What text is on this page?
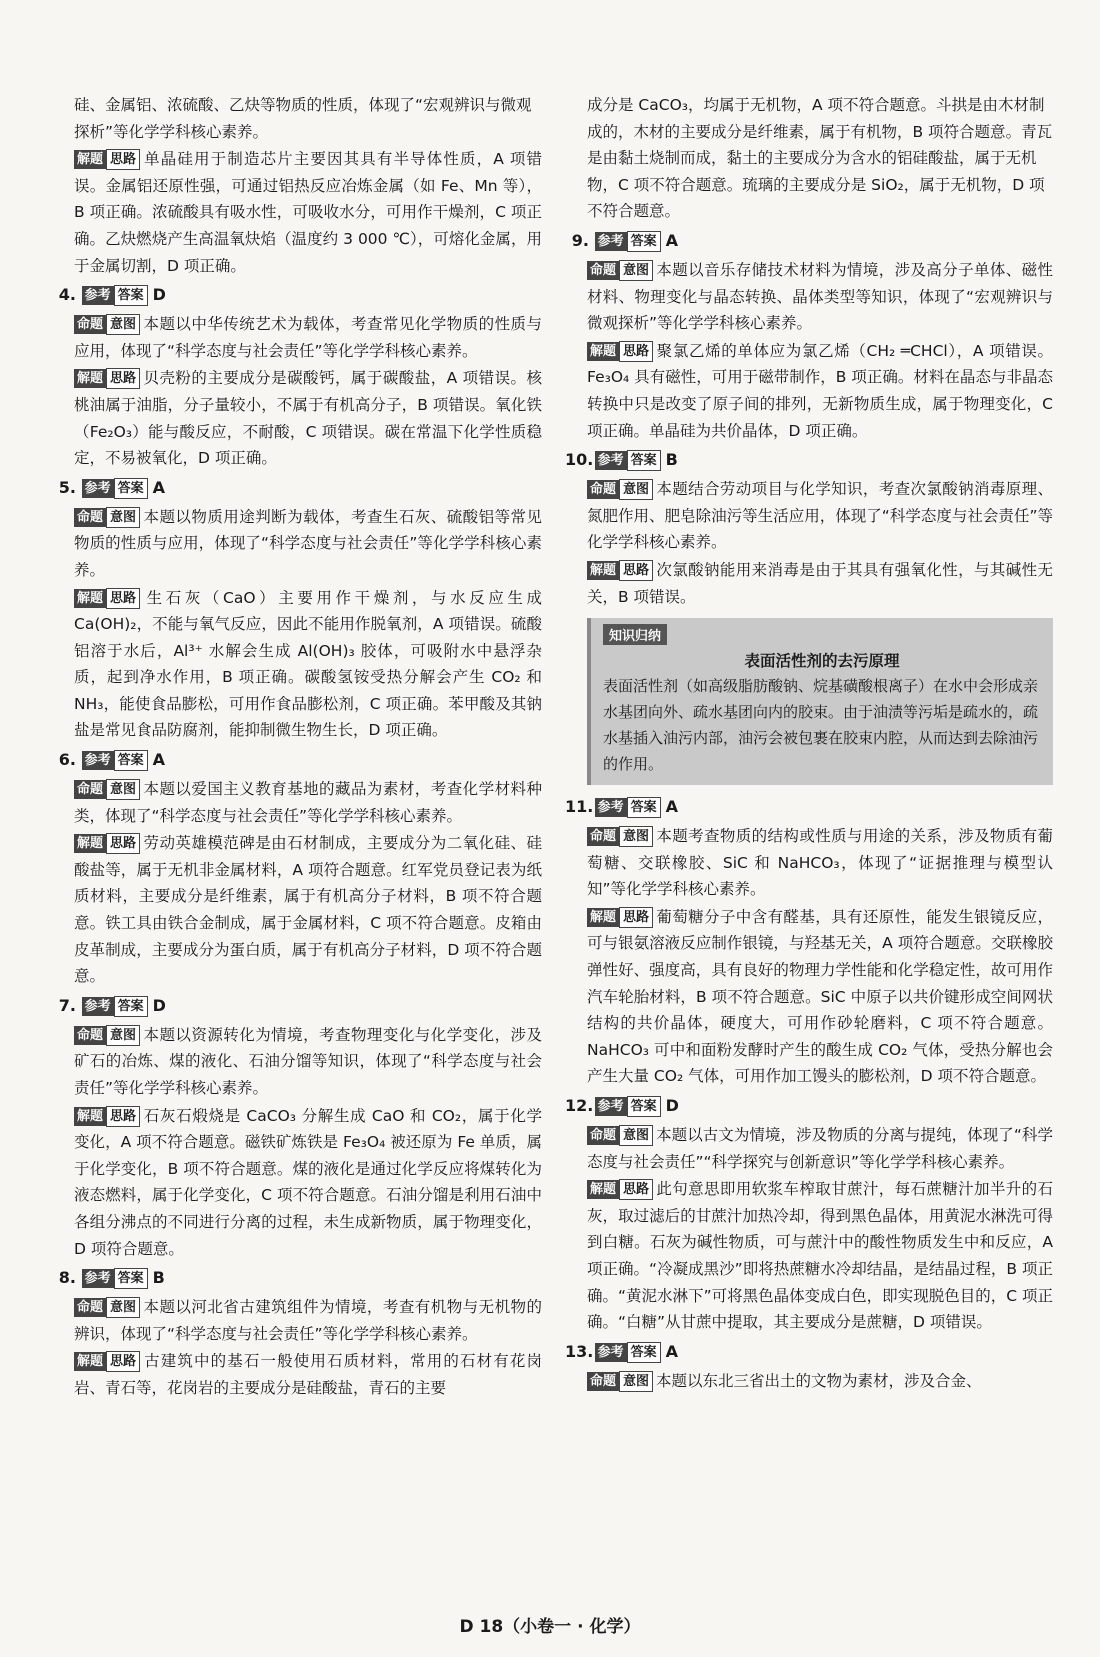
硅、金属铝、浓硫酸、乙炔等物质的性质，体现了“宏观辨识与微观探析”等化学学科核心素养。
解题 思路 单晶硅用于制造芯片主要因其具有半导体性质，A 项错误。金属铝还原性强，可通过铝热反应冶炼金属（如 Fe、Mn 等），B 项正确。浓硫酸具有吸水性，可吸收水分，可用作干燥剂，C 项正确。乙炔燃烧产生高温氧炔焰（温度约 3 000 ℃），可熔化金属，用于金属切割，D 项正确。
4. 参考 答案 D
命题 意图 本题以中华传统艺术为载体，考查常见化学物质的性质与应用，体现了“科学态度与社会责任”等化学学科核心素养。
解题 思路 贝壳粉的主要成分是碳酸钙，属于碳酸盐，A 项错误。核桃油属于油脂，分子量较小，不属于有机高分子，B 项错误。氧化铁（Fe₂O₃）能与酸反应，不耐酸，C 项错误。碳在常温下化学性质稳定，不易被氧化，D 项正确。
5. 参考 答案 A
命题 意图 本题以物质用途判断为载体，考查生石灰、硫酸铝等常见物质的性质与应用，体现了“科学态度与社会责任”等化学学科核心素养。
解题 思路 生石灰（CaO）主要用作干燥剂，与水反应生成 Ca(OH)₂，不能与氧气反应，因此不能用作脱氧剂，A 项错误。硫酸铝溶于水后，Al³⁺ 水解会生成 Al(OH)₃ 胶体，可吸附水中悬浮杂质，起到净水作用，B 项正确。碳酸氢铵受热分解会产生 CO₂ 和 NH₃，能使食品膨松，可用作食品膨松剂，C 项正确。苯甲酸及其钠盐是常见食品防腐剂，能抑制微生物生长，D 项正确。
6. 参考 答案 A
命题 意图 本题以爱国主义教育基地的藏品为素材，考查化学材料种类，体现了“科学态度与社会责任”等化学学科核心素养。
解题 思路 劳动英雄模范碑是由石材制成，主要成分为二氧化硅、硅酸盐等，属于无机非金属材料，A 项符合题意。红军党员登记表为纸质材料，主要成分是纤维素，属于有机高分子材料，B 项不符合题意。铁工具由铁合金制成，属于金属材料，C 项不符合题意。皮箱由皮革制成，主要成分为蛋白质，属于有机高分子材料，D 项不符合题意。
7. 参考 答案 D
命题 意图 本题以资源转化为情境，考查物理变化与化学变化，涉及矿石的冶炼、煤的液化、石油分馏等知识，体现了“科学态度与社会责任”等化学学科核心素养。
解题 思路 石灰石煅烧是 CaCO₃ 分解生成 CaO 和 CO₂，属于化学变化，A 项不符合题意。磁铁矿炼铁是 Fe₃O₄ 被还原为 Fe 单质，属于化学变化，B 项不符合题意。煤的液化是通过化学反应将煤转化为液态燃料，属于化学变化，C 项不符合题意。石油分馏是利用石油中各组分沸点的不同进行分离的过程，未生成新物质，属于物理变化，D 项符合题意。
8. 参考 答案 B
命题 意图 本题以河北省古建筑组件为情境，考查有机物与无机物的辨识，体现了“科学态度与社会责任”等化学学科核心素养。
解题 思路 古建筑中的基石一般使用石质材料，常用的石材有花岗岩、青石等，花岗岩的主要成分是硅酸盐，青石的主要
成分是 CaCO₃，均属于无机物，A 项不符合题意。斗拱是由木材制成的，木材的主要成分是纤维素，属于有机物，B 项符合题意。青瓦是由黏土烧制而成，黏土的主要成分为含水的铝硅酸盐，属于无机物，C 项不符合题意。琉璃的主要成分是 SiO₂，属于无机物，D 项不符合题意。
9. 参考 答案 A
命题 意图 本题以音乐存储技术材料为情境，涉及高分子单体、磁性材料、物理变化与晶态转换、晶体类型等知识，体现了“宏观辨识与微观探析”等化学学科核心素养。
解题 思路 聚氯乙烯的单体应为氯乙烯（CH₂ ═CHCl），A 项错误。Fe₃O₄ 具有磁性，可用于磁带制作，B 项正确。材料在晶态与非晶态转换中只是改变了原子间的排列，无新物质生成，属于物理变化，C 项正确。单晶硅为共价晶体，D 项正确。
10. 参考 答案 B
命题 意图 本题结合劳动项目与化学知识，考查次氯酸钠消毒原理、氮肥作用、肥皂除油污等生活应用，体现了“科学态度与社会责任”等化学学科核心素养。
解题 思路 次氯酸钠能用来消毒是由于其具有强氧化性，与其碱性无关，B 项错误。
知识归纳
表面活性剂的去污原理
表面活性剂（如高级脂肪酸钠、烷基磺酸根离子）在水中会形成亲水基团向外、疏水基团向内的胶束。由于油渍等污垢是疏水的，疏水基插入油污内部，油污会被包裹在胶束内腔，从而达到去除油污的作用。
11. 参考 答案 A
命题 意图 本题考查物质的结构或性质与用途的关系，涉及物质有葡萄糖、交联橡胶、SiC 和 NaHCO₃，体现了“证据推理与模型认知”等化学学科核心素养。
解题 思路 葡萄糖分子中含有醛基，具有还原性，能发生银镜反应，可与银氨溶液反应制作银镜，与羟基无关，A 项符合题意。交联橡胶弹性好、强度高，具有良好的物理力学性能和化学稳定性，故可用作汽车轮胎材料，B 项不符合题意。SiC 中原子以共价键形成空间网状结构的共价晶体，硬度大，可用作砂轮磨料，C 项不符合题意。NaHCO₃ 可中和面粉发酵时产生的酸生成 CO₂ 气体，受热分解也会产生大量 CO₂ 气体，可用作加工馒头的膨松剂，D 项不符合题意。
12. 参考 答案 D
命题 意图 本题以古文为情境，涉及物质的分离与提纯，体现了“科学态度与社会责任”“科学探究与创新意识”等化学学科核心素养。
解题 思路 此句意思即用软浆车榨取甘蔗汁，每石蔗糖汁加半升的石灰，取过滤后的甘蔗汁加热冷却，得到黑色晶体，用黄泥水淋洗可得到白糖。石灰为碱性物质，可与蔗汁中的酸性物质发生中和反应，A 项正确。“冷凝成黑沙”即将热蔗糖水冷却结晶，是结晶过程，B 项正确。“黄泥水淋下”可将黑色晶体变成白色，即实现脱色目的，C 项正确。“白糖”从甘蔗中提取，其主要成分是蔗糖，D 项错误。
13. 参考 答案 A
命题 意图 本题以东北三省出土的文物为素材，涉及合金、
D 18（小卷一 · 化学）
